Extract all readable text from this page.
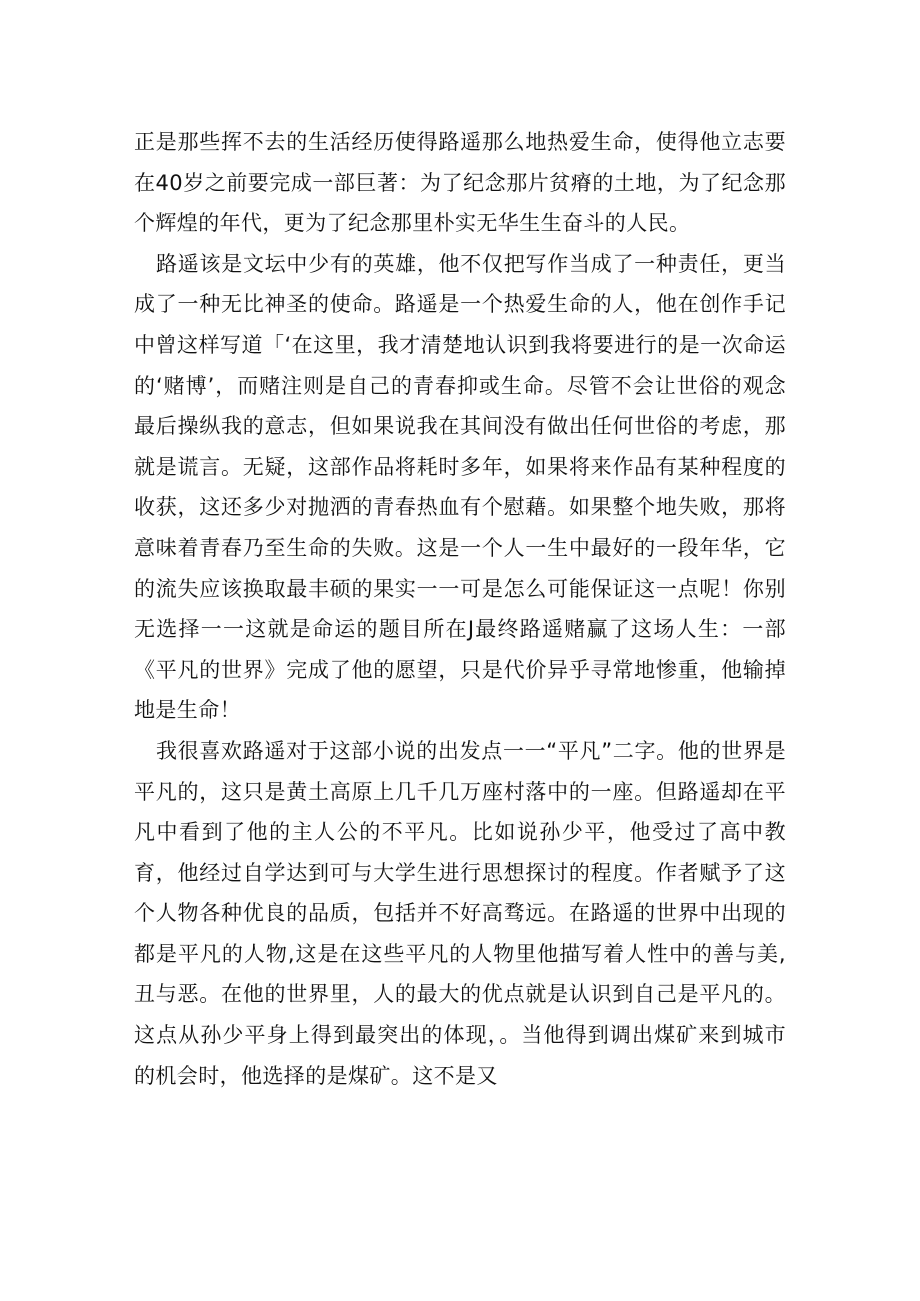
正是那些挥不去的生活经历使得路遥那么地热爱生命，使得他立志要在40岁之前要完成一部巨著：为了纪念那片贫瘠的土地，为了纪念那个辉煌的年代，更为了纪念那里朴实无华生生奋斗的人民。

路遥该是文坛中少有的英雄，他不仅把写作当成了一种责任，更当成了一种无比神圣的使命。路遥是一个热爱生命的人，他在创作手记中曾这样写道「‘在这里，我才清楚地认识到我将要进行的是一次命运的‘赌博’，而赌注则是自己的青春抑或生命。尽管不会让世俗的观念最后操纵我的意志，但如果说我在其间没有做出任何世俗的考虑，那就是谎言。无疑，这部作品将耗时多年，如果将来作品有某种程度的收获，这还多少对抛洒的青春热血有个慰藉。如果整个地失败，那将意味着青春乃至生命的失败。这是一个人一生中最好的一段年华，它的流失应该换取最丰硕的果实一一可是怎么可能保证这一点呢！你别无选择一一这就是命运的题目所在J最终路遥赌赢了这场人生：一部《平凡的世界》完成了他的愿望，只是代价异乎寻常地惨重，他输掉地是生命！

我很喜欢路遥对于这部小说的出发点一一“平凡”二字。他的世界是平凡的，这只是黄土高原上几千几万座村落中的一座。但路遥却在平凡中看到了他的主人公的不平凡。比如说孙少平，他受过了高中教育，他经过自学达到可与大学生进行思想探讨的程度。作者赋予了这个人物各种优良的品质，包括并不好高骛远。在路遥的世界中出现的都是平凡的人物,这是在这些平凡的人物里他描写着人性中的善与美,丑与恶。在他的世界里，人的最大的优点就是认识到自己是平凡的。这点从孙少平身上得到最突出的体现，。当他得到调出煤矿来到城市的机会时，他选择的是煤矿。这不是又
